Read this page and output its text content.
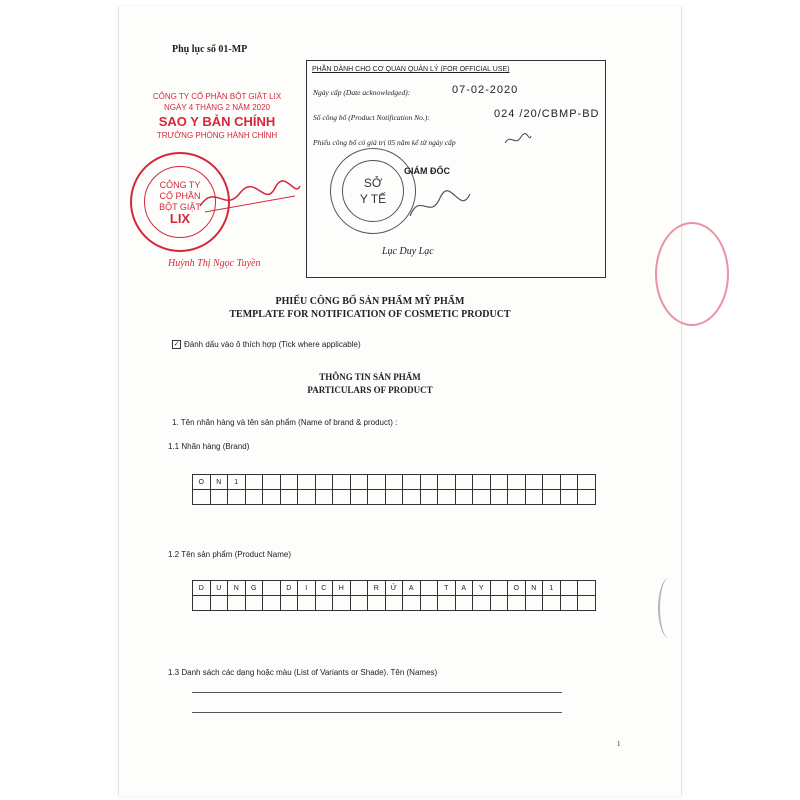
Phụ lục số 01-MP
CÔNG TY CỔ PHẦN BỘT GIẶT LIX
NGÀY 4 THÁNG 2 NĂM 2020
SAO Y BẢN CHÍNH
TRƯỞNG PHÒNG HÀNH CHÍNH
CÔNG TY
CỔ PHẦN
BỘT GIẶT
LIX
Huỳnh Thị Ngọc Tuyền
PHẦN DÀNH CHO CƠ QUAN QUẢN LÝ (FOR OFFICIAL USE)
Ngày cấp (Date acknowledged):	07-02-2020
Số công bố (Product Notification No.):	024 /20/CBMP-BD
Phiếu công bố có giá trị 05 năm kể từ ngày cấp
SỞ
Y TẾ
GIÁM ĐỐC
Lục Duy Lạc
PHIẾU CÔNG BỐ SẢN PHẨM MỸ PHẨM
TEMPLATE FOR NOTIFICATION OF COSMETIC PRODUCT
✓ Đánh dấu vào ô thích hợp (Tick where applicable)
THÔNG TIN SẢN PHẨM
PARTICULARS OF PRODUCT
1. Tên nhãn hàng và tên sản phẩm (Name of brand & product) :
1.1 Nhãn hàng (Brand)
O	N	1																				

1.2 Tên sản phẩm (Product Name)
D	U	N	G		D	I	C	H		R	Ử	A		T	A	Y		O	N	1		

1.3 Danh sách các dạng hoặc màu (List of Variants or Shade). Tên (Names)
1
